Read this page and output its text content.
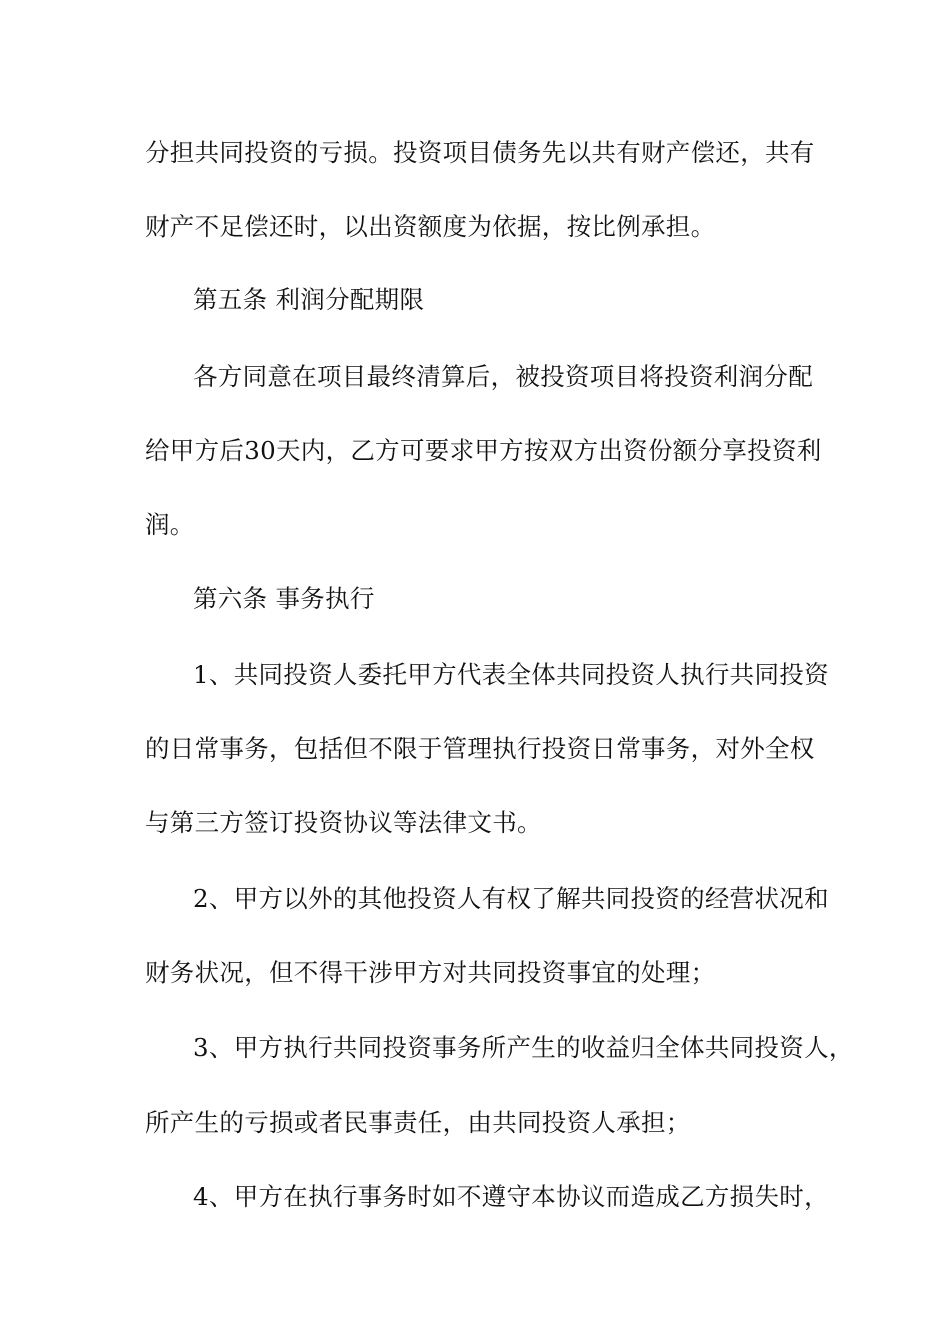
分担共同投资的亏损。投资项目债务先以共有财产偿还，共有
财产不足偿还时，以出资额度为依据，按比例承担。
第五条 利润分配期限
各方同意在项目最终清算后，被投资项目将投资利润分配
给甲方后30天内，乙方可要求甲方按双方出资份额分享投资利
润。
第六条 事务执行
1、共同投资人委托甲方代表全体共同投资人执行共同投资
的日常事务，包括但不限于管理执行投资日常事务，对外全权
与第三方签订投资协议等法律文书。
2、甲方以外的其他投资人有权了解共同投资的经营状况和
财务状况，但不得干涉甲方对共同投资事宜的处理；
3、甲方执行共同投资事务所产生的收益归全体共同投资人，
所产生的亏损或者民事责任，由共同投资人承担；
4、甲方在执行事务时如不遵守本协议而造成乙方损失时，
